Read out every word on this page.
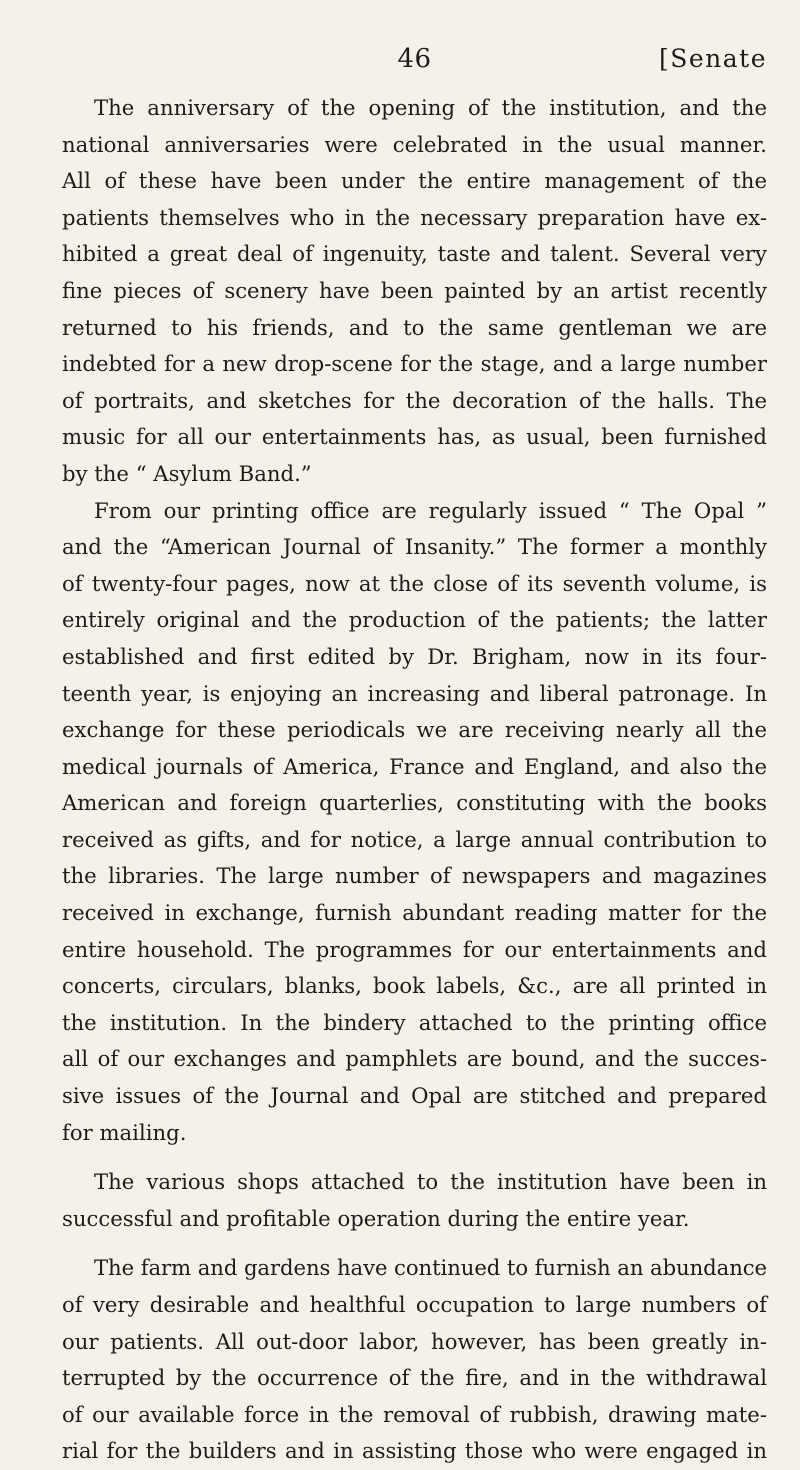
46	[Senate

The anniversary of the opening of the institution, and the
national anniversaries were celebrated in the usual manner.
All of these have been under the entire management of the
patients themselves who in the necessary preparation have ex-
hibited a great deal of ingenuity, taste and talent. Several very
fine pieces of scenery have been painted by an artist recently
returned to his friends, and to the same gentleman we are
indebted for a new drop-scene for the stage, and a large number
of portraits, and sketches for the decoration of the halls. The
music for all our entertainments has, as usual, been furnished
by the “ Asylum Band.”

From our printing office are regularly issued “ The Opal ”
and the “American Journal of Insanity.” The former a monthly
of twenty-four pages, now at the close of its seventh volume, is
entirely original and the production of the patients; the latter
established and first edited by Dr. Brigham, now in its four-
teenth year, is enjoying an increasing and liberal patronage. In
exchange for these periodicals we are receiving nearly all the
medical journals of America, France and England, and also the
American and foreign quarterlies, constituting with the books
received as gifts, and for notice, a large annual contribution to
the libraries. The large number of newspapers and magazines
received in exchange, furnish abundant reading matter for the
entire household. The programmes for our entertainments and
concerts, circulars, blanks, book labels, &c., are all printed in
the institution. In the bindery attached to the printing office
all of our exchanges and pamphlets are bound, and the succes-
sive issues of the Journal and Opal are stitched and prepared
for mailing.

The various shops attached to the institution have been in
successful and profitable operation during the entire year.

The farm and gardens have continued to furnish an abundance
of very desirable and healthful occupation to large numbers of
our patients. All out-door labor, however, has been greatly in-
terrupted by the occurrence of the fire, and in the withdrawal
of our available force in the removal of rubbish, drawing mate-
rial for the builders and in assisting those who were engaged in
